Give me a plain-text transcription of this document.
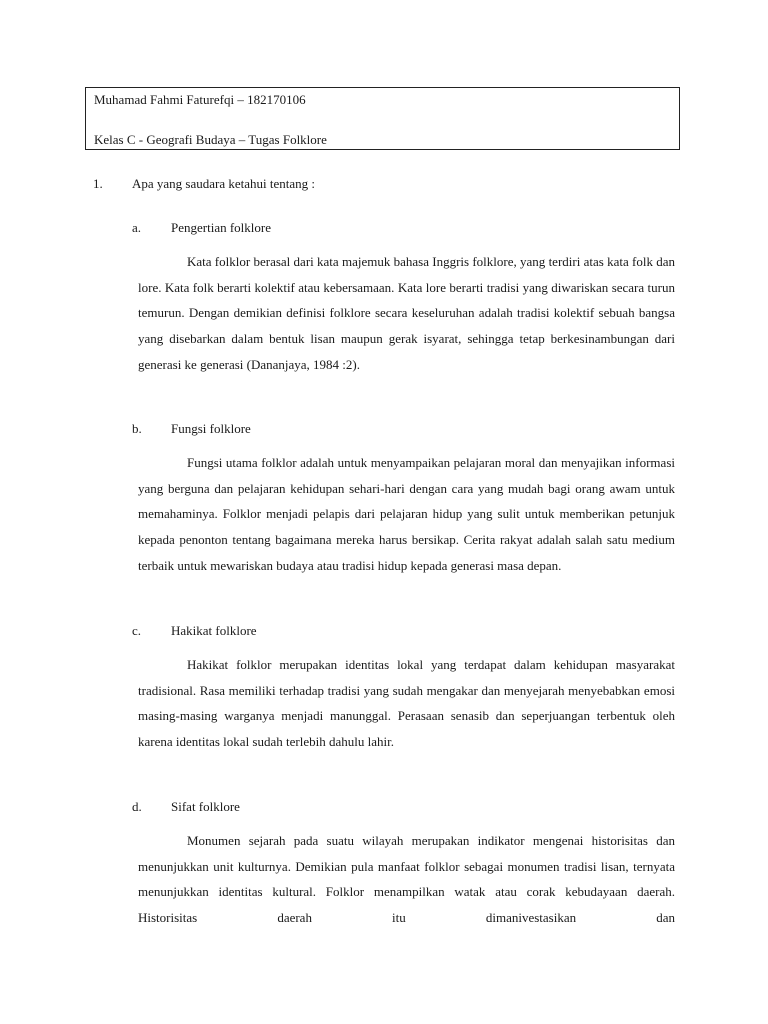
Muhamad Fahmi Faturefqi – 182170106
Kelas C - Geografi Budaya – Tugas Folklore
1. Apa yang saudara ketahui tentang :
a. Pengertian folklore

Kata folklor berasal dari kata majemuk bahasa Inggris folklore, yang terdiri atas kata folk dan lore. Kata folk berarti kolektif atau kebersamaan. Kata lore berarti tradisi yang diwariskan secara turun temurun. Dengan demikian definisi folklore secara keseluruhan adalah tradisi kolektif sebuah bangsa yang disebarkan dalam bentuk lisan maupun gerak isyarat, sehingga tetap berkesinambungan dari generasi ke generasi (Dananjaya, 1984 :2).

b. Fungsi folklore

Fungsi utama folklor adalah untuk menyampaikan pelajaran moral dan menyajikan informasi yang berguna dan pelajaran kehidupan sehari-hari dengan cara yang mudah bagi orang awam untuk memahaminya. Folklor menjadi pelapis dari pelajaran hidup yang sulit untuk memberikan petunjuk kepada penonton tentang bagaimana mereka harus bersikap. Cerita rakyat adalah salah satu medium terbaik untuk mewariskan budaya atau tradisi hidup kepada generasi masa depan.

c. Hakikat folklore

Hakikat folklor merupakan identitas lokal yang terdapat dalam kehidupan masyarakat tradisional. Rasa memiliki terhadap tradisi yang sudah mengakar dan menyejarah menyebabkan emosi masing-masing warganya menjadi manunggal. Perasaan senasib dan seperjuangan terbentuk oleh karena identitas lokal sudah terlebih dahulu lahir.

d. Sifat folklore

Monumen sejarah pada suatu wilayah merupakan indikator mengenai historisitas dan menunjukkan unit kulturnya. Demikian pula manfaat folklor sebagai monumen tradisi lisan, ternyata menunjukkan identitas kultural. Folklor menampilkan watak atau corak kebudayaan daerah. Historisitas daerah itu dimanivestasikan dan
